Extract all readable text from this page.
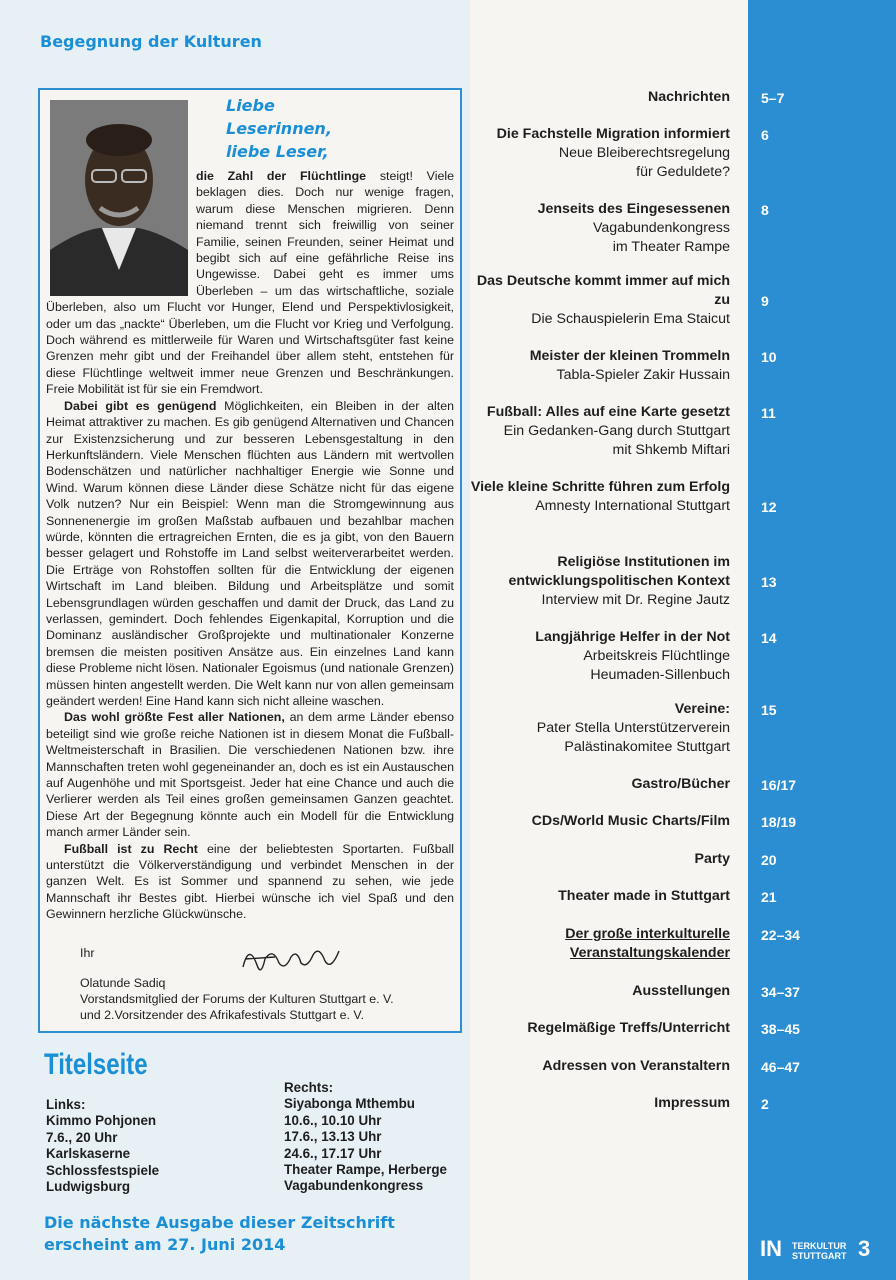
Begegnung der Kulturen
Liebe
Leserinnen,
liebe Leser,

die Zahl der Flüchtlinge steigt! Viele beklagen dies. Doch nur wenige fragen, warum diese Menschen migrieren. Denn niemand trennt sich freiwillig von seiner Familie, seinen Freunden, seiner Heimat und begibt sich auf eine gefährliche Reise ins Ungewisse. Dabei geht es immer ums Überleben – um das wirtschaftliche, soziale Überleben, also um Flucht vor Hunger, Elend und Perspektivlosigkeit, oder um das „nackte“ Überleben, um die Flucht vor Krieg und Verfolgung. Doch während es mittlerweile für Waren und Wirtschaftsgüter fast keine Grenzen mehr gibt und der Freihandel über allem steht, entstehen für diese Flüchtlinge weltweit immer neue Grenzen und Beschränkungen. Freie Mobilität ist für sie ein Fremdwort.

Dabei gibt es genügend Möglichkeiten, ein Bleiben in der alten Heimat attraktiver zu machen. Es gib genügend Alternativen und Chancen zur Existenzsicherung und zur besseren Lebensgestaltung in den Herkunftsländern. Viele Menschen flüchten aus Ländern mit wertvollen Bodenschätzen und natürlicher nachhaltiger Energie wie Sonne und Wind. Warum können diese Länder diese Schätze nicht für das eigene Volk nutzen? Nur ein Beispiel: Wenn man die Stromgewinnung aus Sonnenenergie im großen Maßstab aufbauen und bezahlbar machen würde, könnten die ertragreichen Ernten, die es ja gibt, von den Bauern besser gelagert und Rohstoffe im Land selbst weiterverarbeitet werden. Die Erträge von Rohstoffen sollten für die Entwicklung der eigenen Wirtschaft im Land bleiben. Bildung und Arbeitsplätze und somit Lebensgrundlagen würden geschaffen und damit der Druck, das Land zu verlassen, gemindert. Doch fehlendes Eigenkapital, Korruption und die Dominanz ausländischer Großprojekte und multinationaler Konzerne bremsen die meisten positiven Ansätze aus. Ein einzelnes Land kann diese Probleme nicht lösen. Nationaler Egoismus (und nationale Grenzen) müssen hinten angestellt werden. Die Welt kann nur von allen gemeinsam geändert werden! Eine Hand kann sich nicht alleine waschen.

Das wohl größte Fest aller Nationen, an dem arme Länder ebenso beteiligt sind wie große reiche Nationen ist in diesem Monat die Fußball-Weltmeisterschaft in Brasilien. Die verschiedenen Nationen bzw. ihre Mannschaften treten wohl gegeneinander an, doch es ist ein Austauschen auf Augenhöhe und mit Sportsgeist. Jeder hat eine Chance und auch die Verlierer werden als Teil eines großen gemeinsamen Ganzen geachtet. Diese Art der Begegnung könnte auch ein Modell für die Entwicklung manch armer Länder sein.

Fußball ist zu Recht eine der beliebtesten Sportarten. Fußball unterstützt die Völkerverständigung und verbindet Menschen in der ganzen Welt. Es ist Sommer und spannend zu sehen, wie jede Mannschaft ihr Bestes gibt. Hierbei wünsche ich viel Spaß und den Gewinnern herzliche Glückwünsche.

Ihr
Olatunde Sadiq
Vorstandsmitglied der Forums der Kulturen Stuttgart e. V.
und 2.Vorsitzender des Afrikafestivals Stuttgart e. V.
Titelseite
Links:
Kimmo Pohjonen
7.6., 20 Uhr
Karlskaserne
Schlossfestspiele
Ludwigsburg
Rechts:
Siyabonga Mthembu
10.6., 10.10 Uhr
17.6., 13.13 Uhr
24.6., 17.17 Uhr
Theater Rampe, Herberge
Vagabundenkongress
Die nächste Ausgabe dieser Zeitschrift
erscheint am 27. Juni 2014
Nachrichten 5–7
Die Fachstelle Migration informiert
Neue Bleiberechtsregelung
für Geduldete?
6
Jenseits des Eingesessenen
Vagabundenkongress
im Theater Rampe
8
Das Deutsche kommt immer auf mich zu
Die Schauspielerin Ema Staicut
9
Meister der kleinen Trommeln
Tabla-Spieler Zakir Hussain
10
Fußball: Alles auf eine Karte gesetzt
Ein Gedanken-Gang durch Stuttgart
mit Shkemb Miftari
11
Viele kleine Schritte führen zum Erfolg
Amnesty International Stuttgart 12
Religiöse Institutionen im entwicklungspolitischen Kontext
Interview mit Dr. Regine Jautz
13
Langjährige Helfer in der Not
Arbeitskreis Flüchtlinge
Heumaden-Sillenbuch
14
Vereine:
Pater Stella Unterstützerverein
Palästinakomitee Stuttgart
15
Gastro/Bücher 16/17
CDs/World Music Charts/Film 18/19
Party 20
Theater made in Stuttgart 21
Der große interkulturelle Veranstaltungskalender
22–34
Ausstellungen 34–37
Regelmäßige Treffs/Unterricht 38–45
Adressen von Veranstaltern 46–47
Impressum 2
IN TERKULTUR
STUTTGART 3
